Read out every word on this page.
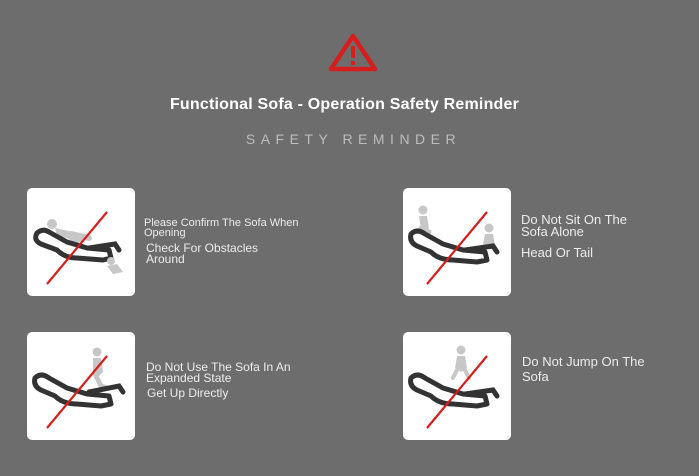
Functional Sofa - Operation Safety Reminder
SAFETY REMINDER
Please Confirm The Sofa When
Opening
Check For Obstacles
Around
Do Not Sit On The
Sofa Alone
Head Or Tail
Do Not Use The Sofa In An
Expanded State
Get Up Directly
Do Not Jump On The
Sofa
